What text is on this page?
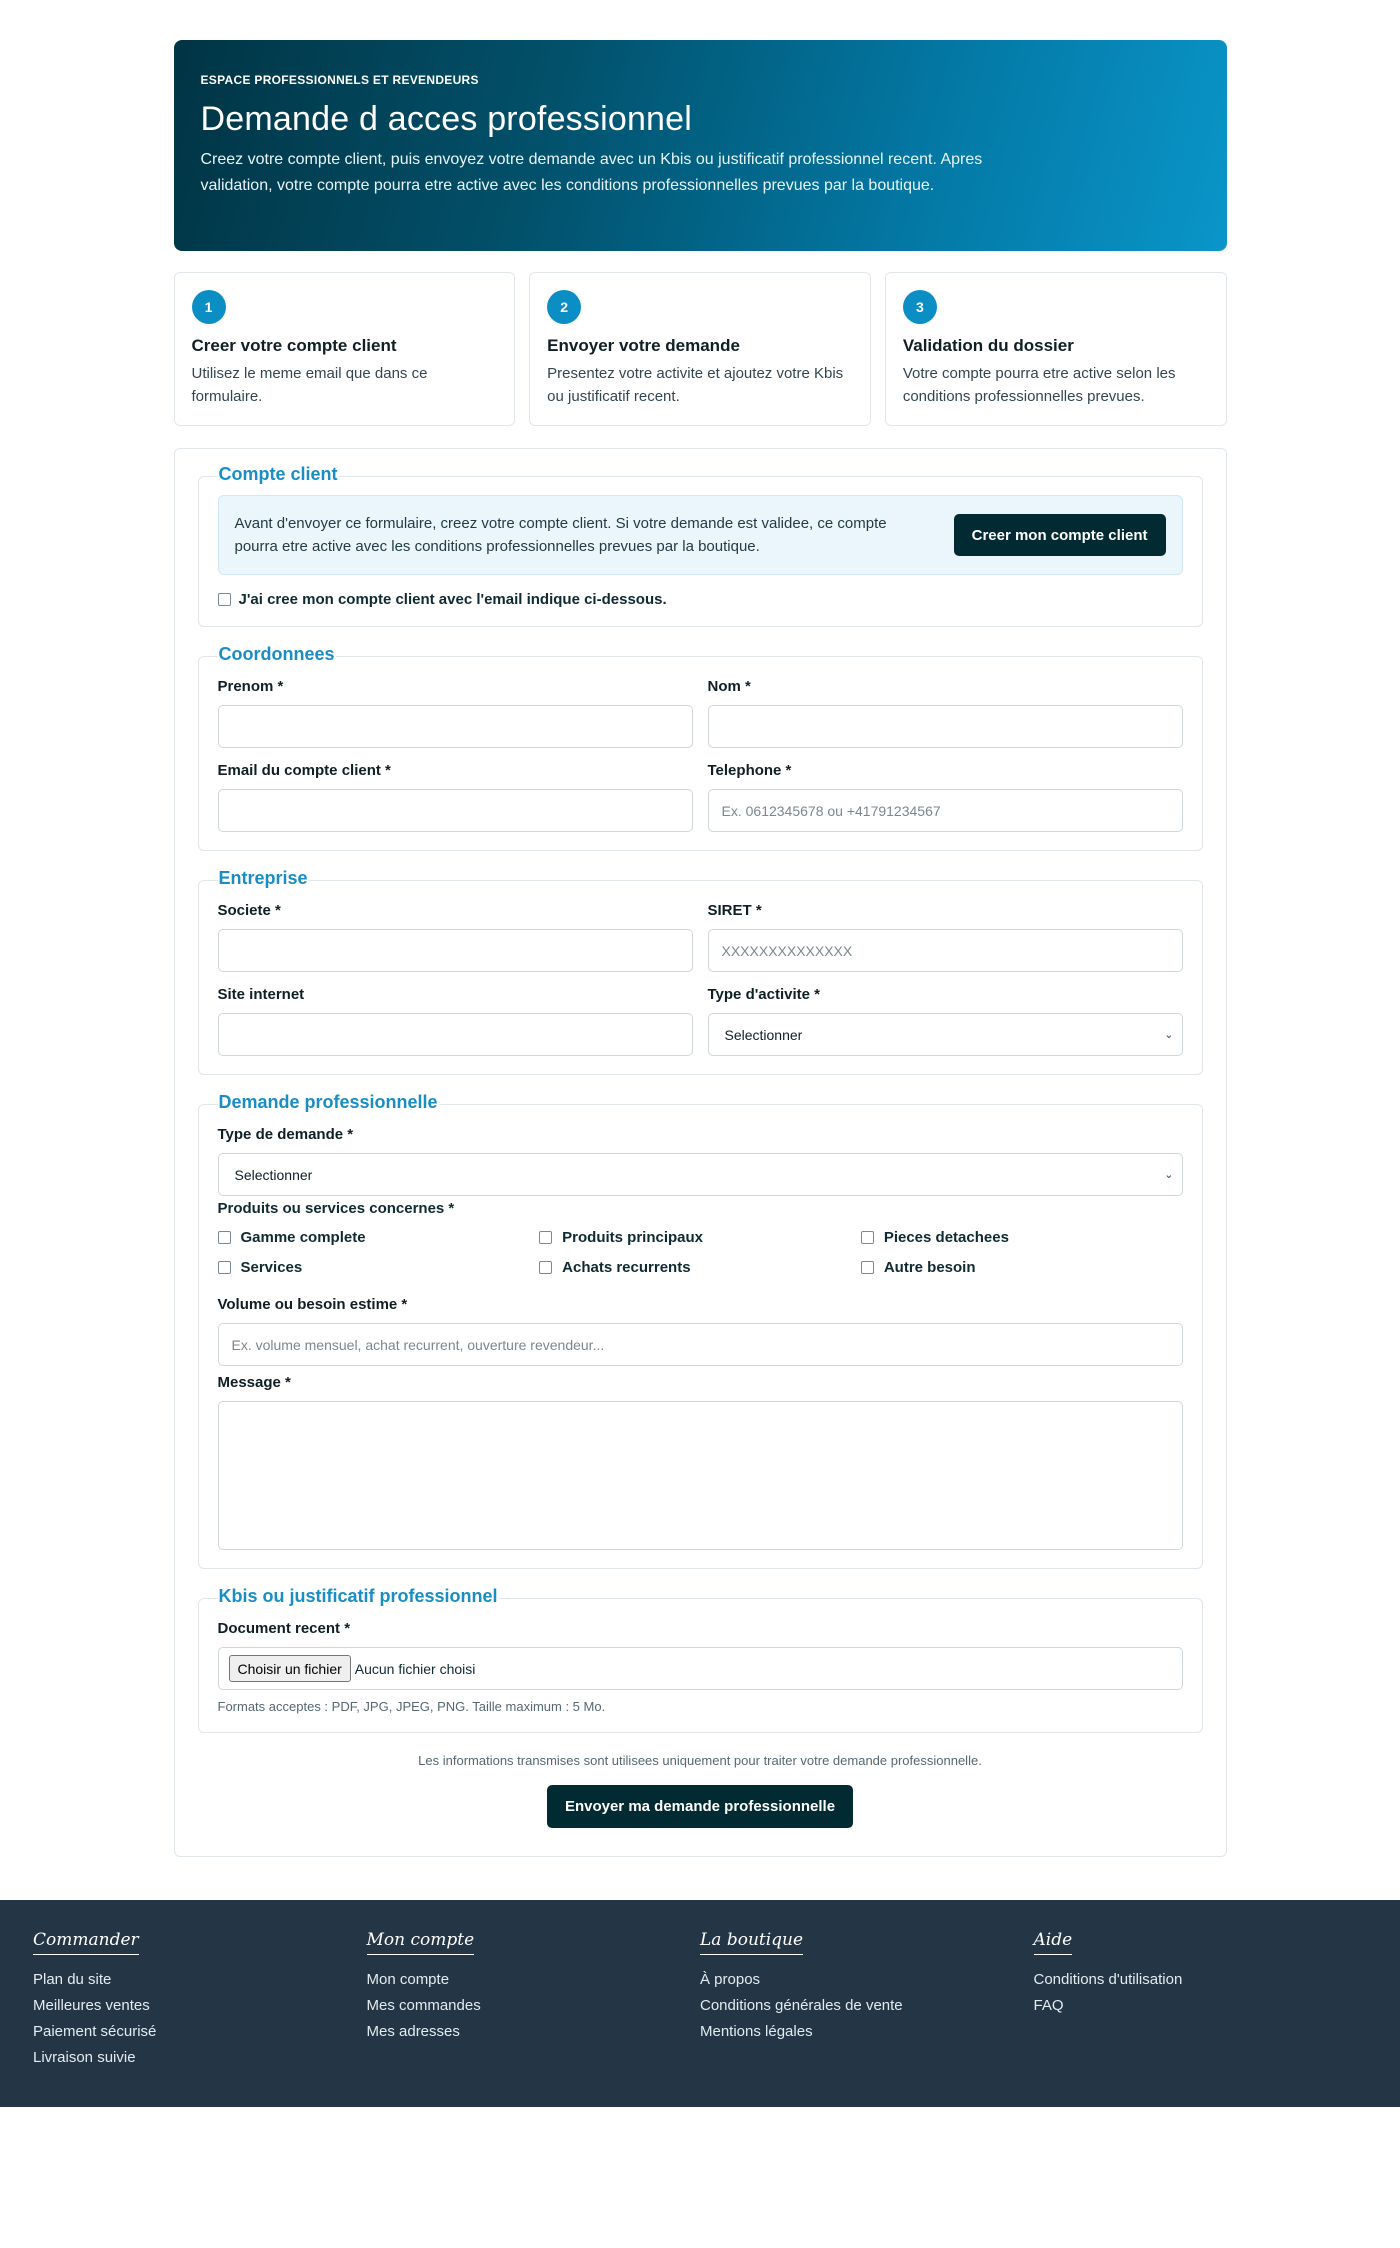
ESPACE PROFESSIONNELS ET REVENDEURS
Demande d acces professionnel

Creez votre compte client, puis envoyez votre demande avec un Kbis ou justificatif professionnel recent. Apres validation, votre compte pourra etre active avec les conditions professionnelles prevues par la boutique.

1
Creer votre compte client

Utilisez le meme email que dans ce formulaire.

2
Envoyer votre demande

Presentez votre activite et ajoutez votre Kbis ou justificatif recent.

3
Validation du dossier

Votre compte pourra etre active selon les conditions professionnelles prevues.

Compte client

Avant d'envoyer ce formulaire, creez votre compte client. Si votre demande est validee, ce compte pourra etre active avec les conditions professionnelles prevues par la boutique.

Creer mon compte client
J'ai cree mon compte client avec l'email indique ci-dessous.
Coordonnees
Prenom *	Nom *
Email du compte client *	Telephone *
Ex. 0612345678 ou +41791234567
Entreprise
Societe *	SIRET *
XXXXXXXXXXXXXX
Site internet	Type d'activite *
Selectionner	⌄
Demande professionnelle
Type de demande *
Selectionner	⌄
Produits ou services concernes *
Gamme complete	Produits principaux	Pieces detachees
Services	Achats recurrents	Autre besoin
Volume ou besoin estime *
Ex. volume mensuel, achat recurrent, ouverture revendeur...
Message *
Kbis ou justificatif professionnel
Document recent *
Choisir un fichier Aucun fichier choisi
Formats acceptes : PDF, JPG, JPEG, PNG. Taille maximum : 5 Mo.

Les informations transmises sont utilisees uniquement pour traiter votre demande professionnelle.

Envoyer ma demande professionnelle
Commander
Plan du site
Meilleures ventes
Paiement sécurisé
Livraison suivie
Mon compte
Mon compte
Mes commandes
Mes adresses
La boutique
À propos
Conditions générales de vente
Mentions légales
Aide
Conditions d'utilisation
FAQ
